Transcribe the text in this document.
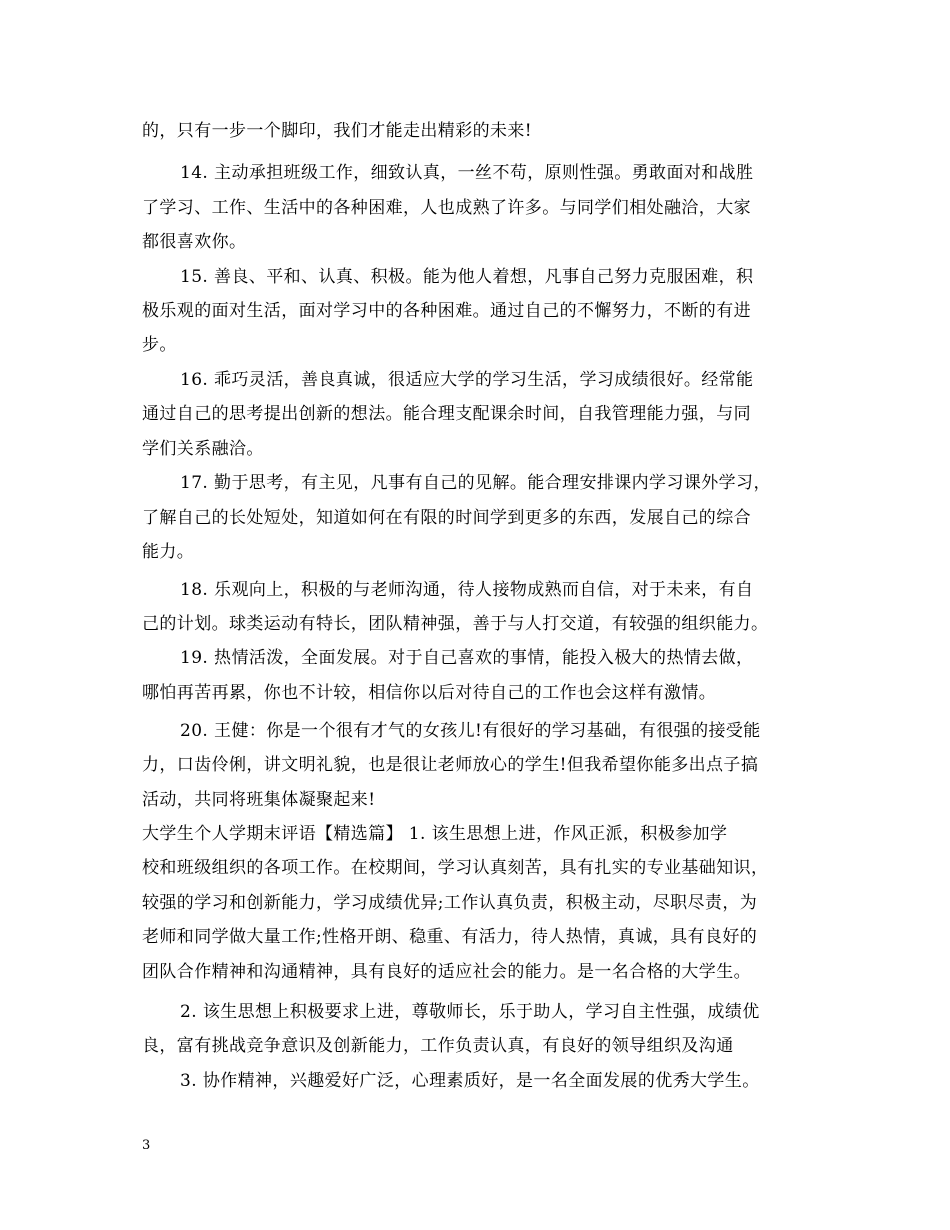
的，只有一步一个脚印，我们才能走出精彩的未来!
14. 主动承担班级工作，细致认真，一丝不苟，原则性强。勇敢面对和战胜
了学习、工作、生活中的各种困难，人也成熟了许多。与同学们相处融洽，大家
都很喜欢你。
15. 善良、平和、认真、积极。能为他人着想，凡事自己努力克服困难，积
极乐观的面对生活，面对学习中的各种困难。通过自己的不懈努力，不断的有进
步。
16. 乖巧灵活，善良真诚，很适应大学的学习生活，学习成绩很好。经常能
通过自己的思考提出创新的想法。能合理支配课余时间，自我管理能力强，与同
学们关系融洽。
17. 勤于思考，有主见，凡事有自己的见解。能合理安排课内学习课外学习，
了解自己的长处短处，知道如何在有限的时间学到更多的东西，发展自己的综合
能力。
18. 乐观向上，积极的与老师沟通，待人接物成熟而自信，对于未来，有自
己的计划。球类运动有特长，团队精神强，善于与人打交道，有较强的组织能力。
19. 热情活泼，全面发展。对于自己喜欢的事情，能投入极大的热情去做，
哪怕再苦再累，你也不计较，相信你以后对待自己的工作也会这样有激情。
20. 王健：你是一个很有才气的女孩儿!有很好的学习基础，有很强的接受能
力，口齿伶俐，讲文明礼貌，也是很让老师放心的学生!但我希望你能多出点子搞
活动，共同将班集体凝聚起来!
大学生个人学期末评语【精选篇】 1. 该生思想上进，作风正派，积极参加学
校和班级组织的各项工作。在校期间，学习认真刻苦，具有扎实的专业基础知识，
较强的学习和创新能力，学习成绩优异;工作认真负责，积极主动，尽职尽责，为
老师和同学做大量工作;性格开朗、稳重、有活力，待人热情，真诚，具有良好的
团队合作精神和沟通精神，具有良好的适应社会的能力。是一名合格的大学生。
2. 该生思想上积极要求上进，尊敬师长，乐于助人，学习自主性强，成绩优
良，富有挑战竞争意识及创新能力，工作负责认真，有良好的领导组织及沟通
3. 协作精神，兴趣爱好广泛，心理素质好，是一名全面发展的优秀大学生。
3
